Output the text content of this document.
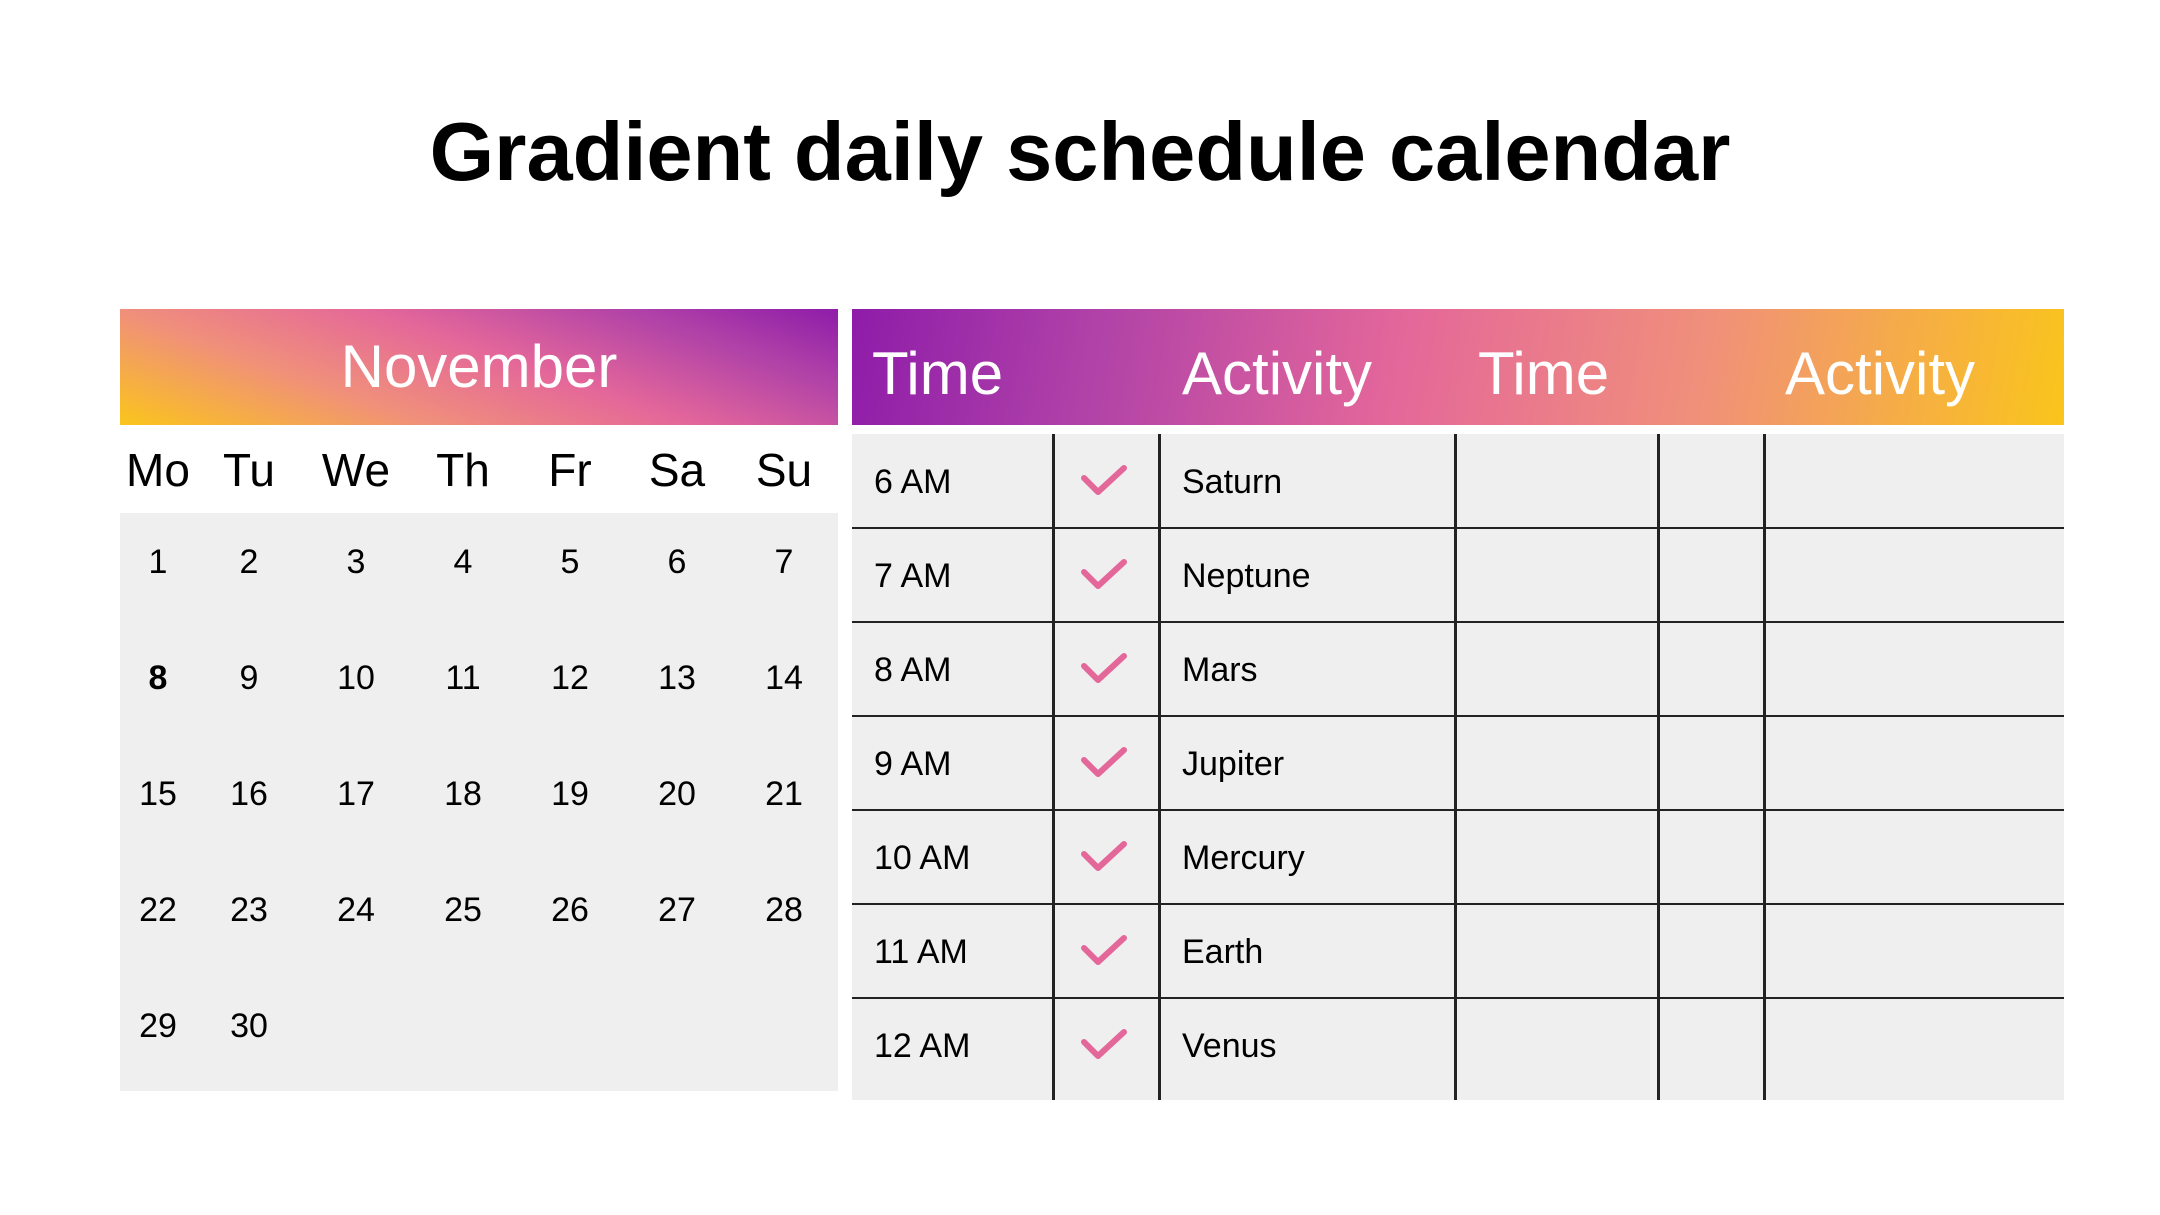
Gradient daily schedule calendar
November
Mo Tu	We	Th	Fr	Sa	Su
1	2	3	4	5	6	7
8	9	10	11	12	13	14
15	16	17	18	19	20	21
22	23	24	25	26	27	28
29	30
Time	Activity Time	Activity
6 AM	Saturn
7 AM	Neptune
8 AM	Mars
9 AM	Jupiter
10 AM	Mercury
11 AM	Earth
12 AM	Venus
